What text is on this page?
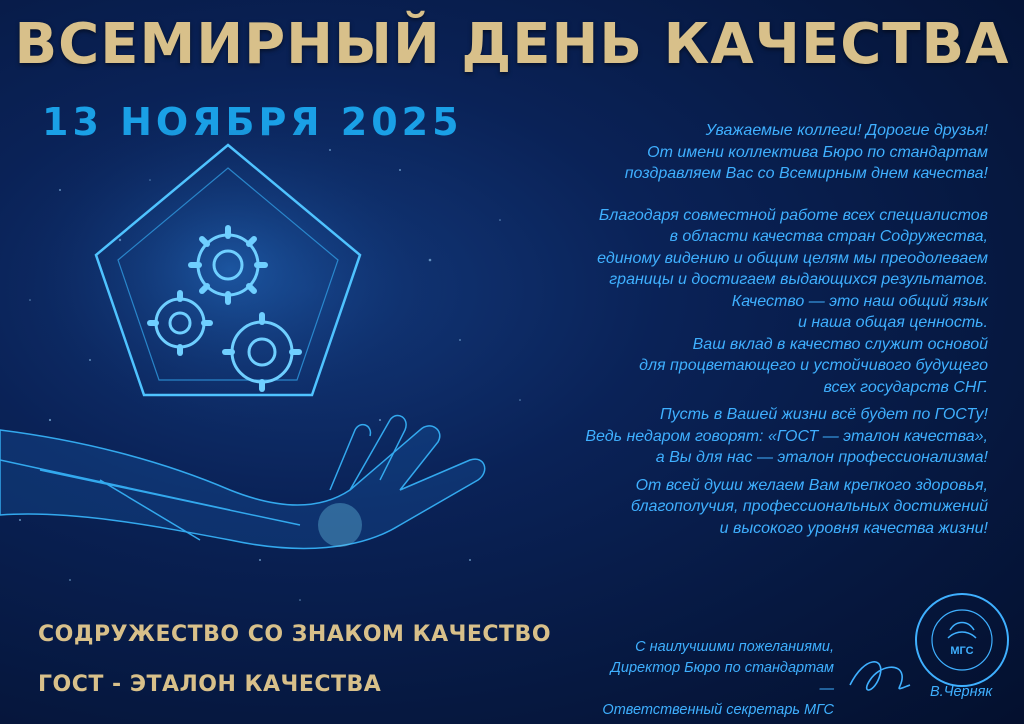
ВСЕМИРНЫЙ ДЕНЬ КАЧЕСТВА
13 НОЯБРЯ 2025	Уважаемые коллеги! Дорогие друзья!

От имени коллектива Бюро по стандартам

поздравляем Вас со Всемирным днем качества!

Благодаря совместной работе всех специалистов

в области качества стран Содружества,

единому видению и общим целям мы преодолеваем

границы и достигаем выдающихся результатов.

Качество — это наш общий язык

и наша общая ценность.

Ваш вклад в качество служит основой

для процветающего и устойчивого будущего

всех государств СНГ.

Пусть в Вашей жизни всё будет по ГОСТу!

Ведь недаром говорят: «ГОСТ — эталон качества»,

а Вы для нас — эталон профессионализма!

От всей души желаем Вам крепкого здоровья,

благополучия, профессиональных достижений

и высокого уровня качества жизни!

СОДРУЖЕСТВО СО ЗНАКОМ КАЧЕСТВО
ГОСТ - ЭТАЛОН КАЧЕСТВА
МГС
С наилучшими пожеланиями,
Директор Бюро по стандартам —
Ответственный секретарь МГС
В.Черняк
